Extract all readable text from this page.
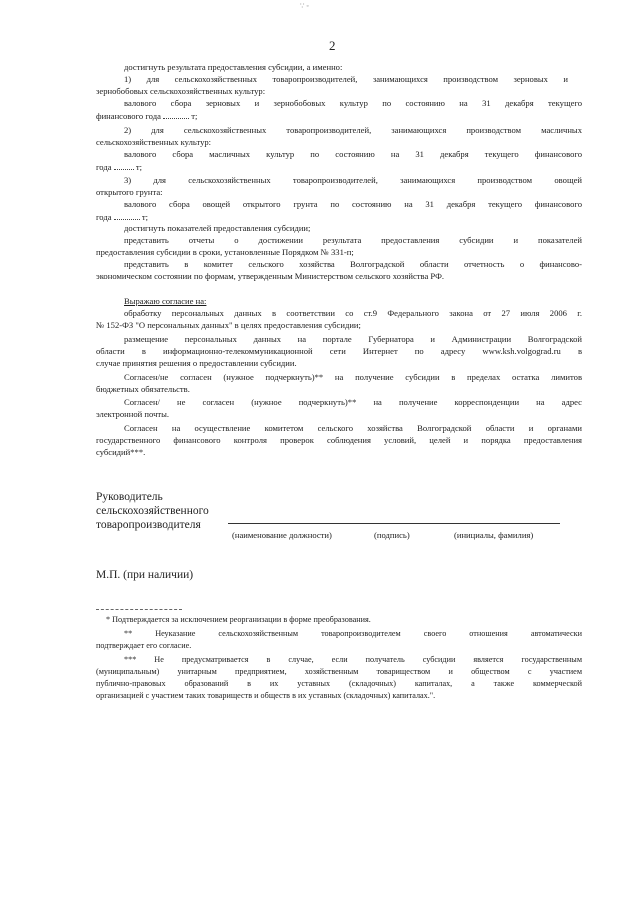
∵ ◦
2
достигнуть результата предоставления субсидии, а именно:
1) для сельскохозяйственных товаропроизводителей, занимающихся производством зерновых и
зернобобовых сельскохозяйственных культур:
валового сбора зерновых и зернобобовых культур по состоянию на 31 декабря текущего
финансового года	т;
2) для сельскохозяйственных товаропроизводителей, занимающихся производством масличных
сельскохозяйственных культур:
валового сбора масличных культур по состоянию на 31 декабря текущего финансового
года	т;
3) для сельскохозяйственных товаропроизводителей, занимающихся производством овощей
открытого грунта:
валового сбора овощей открытого грунта по состоянию на 31 декабря текущего финансового
года	т;
достигнуть показателей предоставления субсидии;
представить отчеты о достижении результата предоставления субсидии и показателей
предоставления субсидии в сроки, установленные Порядком № 331-п;
представить в комитет сельского хозяйства Волгоградской области отчетность о финансово-
экономическом состоянии по формам, утвержденным Министерством сельского хозяйства РФ.
Выражаю согласие на:
обработку персональных данных в соответствии со ст.9 Федерального закона от 27 июля 2006 г.
№ 152-ФЗ "О персональных данных" в целях предоставления субсидии;
размещение персональных данных на портале Губернатора и Администрации Волгоградской
области в информационно-телекоммуникационной сети Интернет по адресу www.ksh.volgograd.ru в
случае принятия решения о предоставлении субсидии.
Согласен/не согласен (нужное подчеркнуть)** на получение субсидии в пределах остатка лимитов
бюджетных обязательств.
Согласен/ не согласен (нужное подчеркнуть)** на получение корреспонденции на адрес
электронной почты.
Согласен на осуществление комитетом сельского хозяйства Волгоградской области и органами
государственного финансового контроля проверок соблюдения условий, целей и порядка предоставления
субсидий***.
Руководитель
сельскохозяйственного
товаропроизводителя
(наименование должности)	(подпись)	(инициалы, фамилия)
М.П. (при наличии)
* Подтверждается за исключением реорганизации в форме преобразования.
** Неуказание сельскохозяйственным товаропроизводителем своего отношения автоматически
подтверждает его согласие.
*** Не предусматривается в случае, если получатель субсидии является государственным
(муниципальным) унитарным предприятием, хозяйственным товариществом и обществом с участием
публично-правовых образований в их уставных (складочных) капиталах, а также коммерческой
организацией с участием таких товариществ и обществ в их уставных (складочных) капиталах.".
